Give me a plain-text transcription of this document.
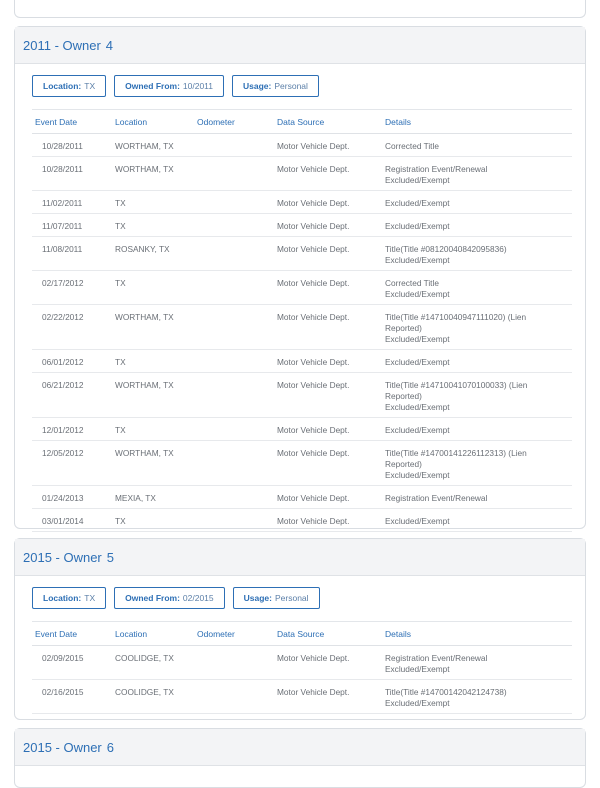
2011 - Owner 4
Location: TX	Owned From: 10/2011	Usage: Personal
Event Date	Location	Odometer	Data Source	Details
10/28/2011	WORTHAM, TX		Motor Vehicle Dept.	Corrected Title

10/28/2011	WORTHAM, TX		Motor Vehicle Dept.	Registration Event/Renewal
Excluded/Exempt

11/02/2011	TX		Motor Vehicle Dept.	Excluded/Exempt

11/07/2011	TX		Motor Vehicle Dept.	Excluded/Exempt

11/08/2011	ROSANKY, TX		Motor Vehicle Dept.	Title(Title #08120040842095836)
Excluded/Exempt

02/17/2012	TX		Motor Vehicle Dept.	Corrected Title
Excluded/Exempt

02/22/2012	WORTHAM, TX		Motor Vehicle Dept.	Title(Title #14710040947111020) (Lien
Reported)
Excluded/Exempt

06/01/2012	TX		Motor Vehicle Dept.	Excluded/Exempt

06/21/2012	WORTHAM, TX		Motor Vehicle Dept.	Title(Title #14710041070100033) (Lien
Reported)
Excluded/Exempt

12/01/2012	TX		Motor Vehicle Dept.	Excluded/Exempt

12/05/2012	WORTHAM, TX		Motor Vehicle Dept.	Title(Title #14700141226112313) (Lien
Reported)
Excluded/Exempt

01/24/2013	MEXIA, TX		Motor Vehicle Dept.	Registration Event/Renewal

03/01/2014	TX		Motor Vehicle Dept.	Excluded/Exempt

2015 - Owner 5
Location: TX	Owned From: 02/2015	Usage: Personal
Event Date	Location	Odometer	Data Source	Details
02/09/2015	COOLIDGE, TX		Motor Vehicle Dept.	Registration Event/Renewal
Excluded/Exempt

02/16/2015	COOLIDGE, TX		Motor Vehicle Dept.	Title(Title #14700142042124738)
Excluded/Exempt
2015 - Owner 6
